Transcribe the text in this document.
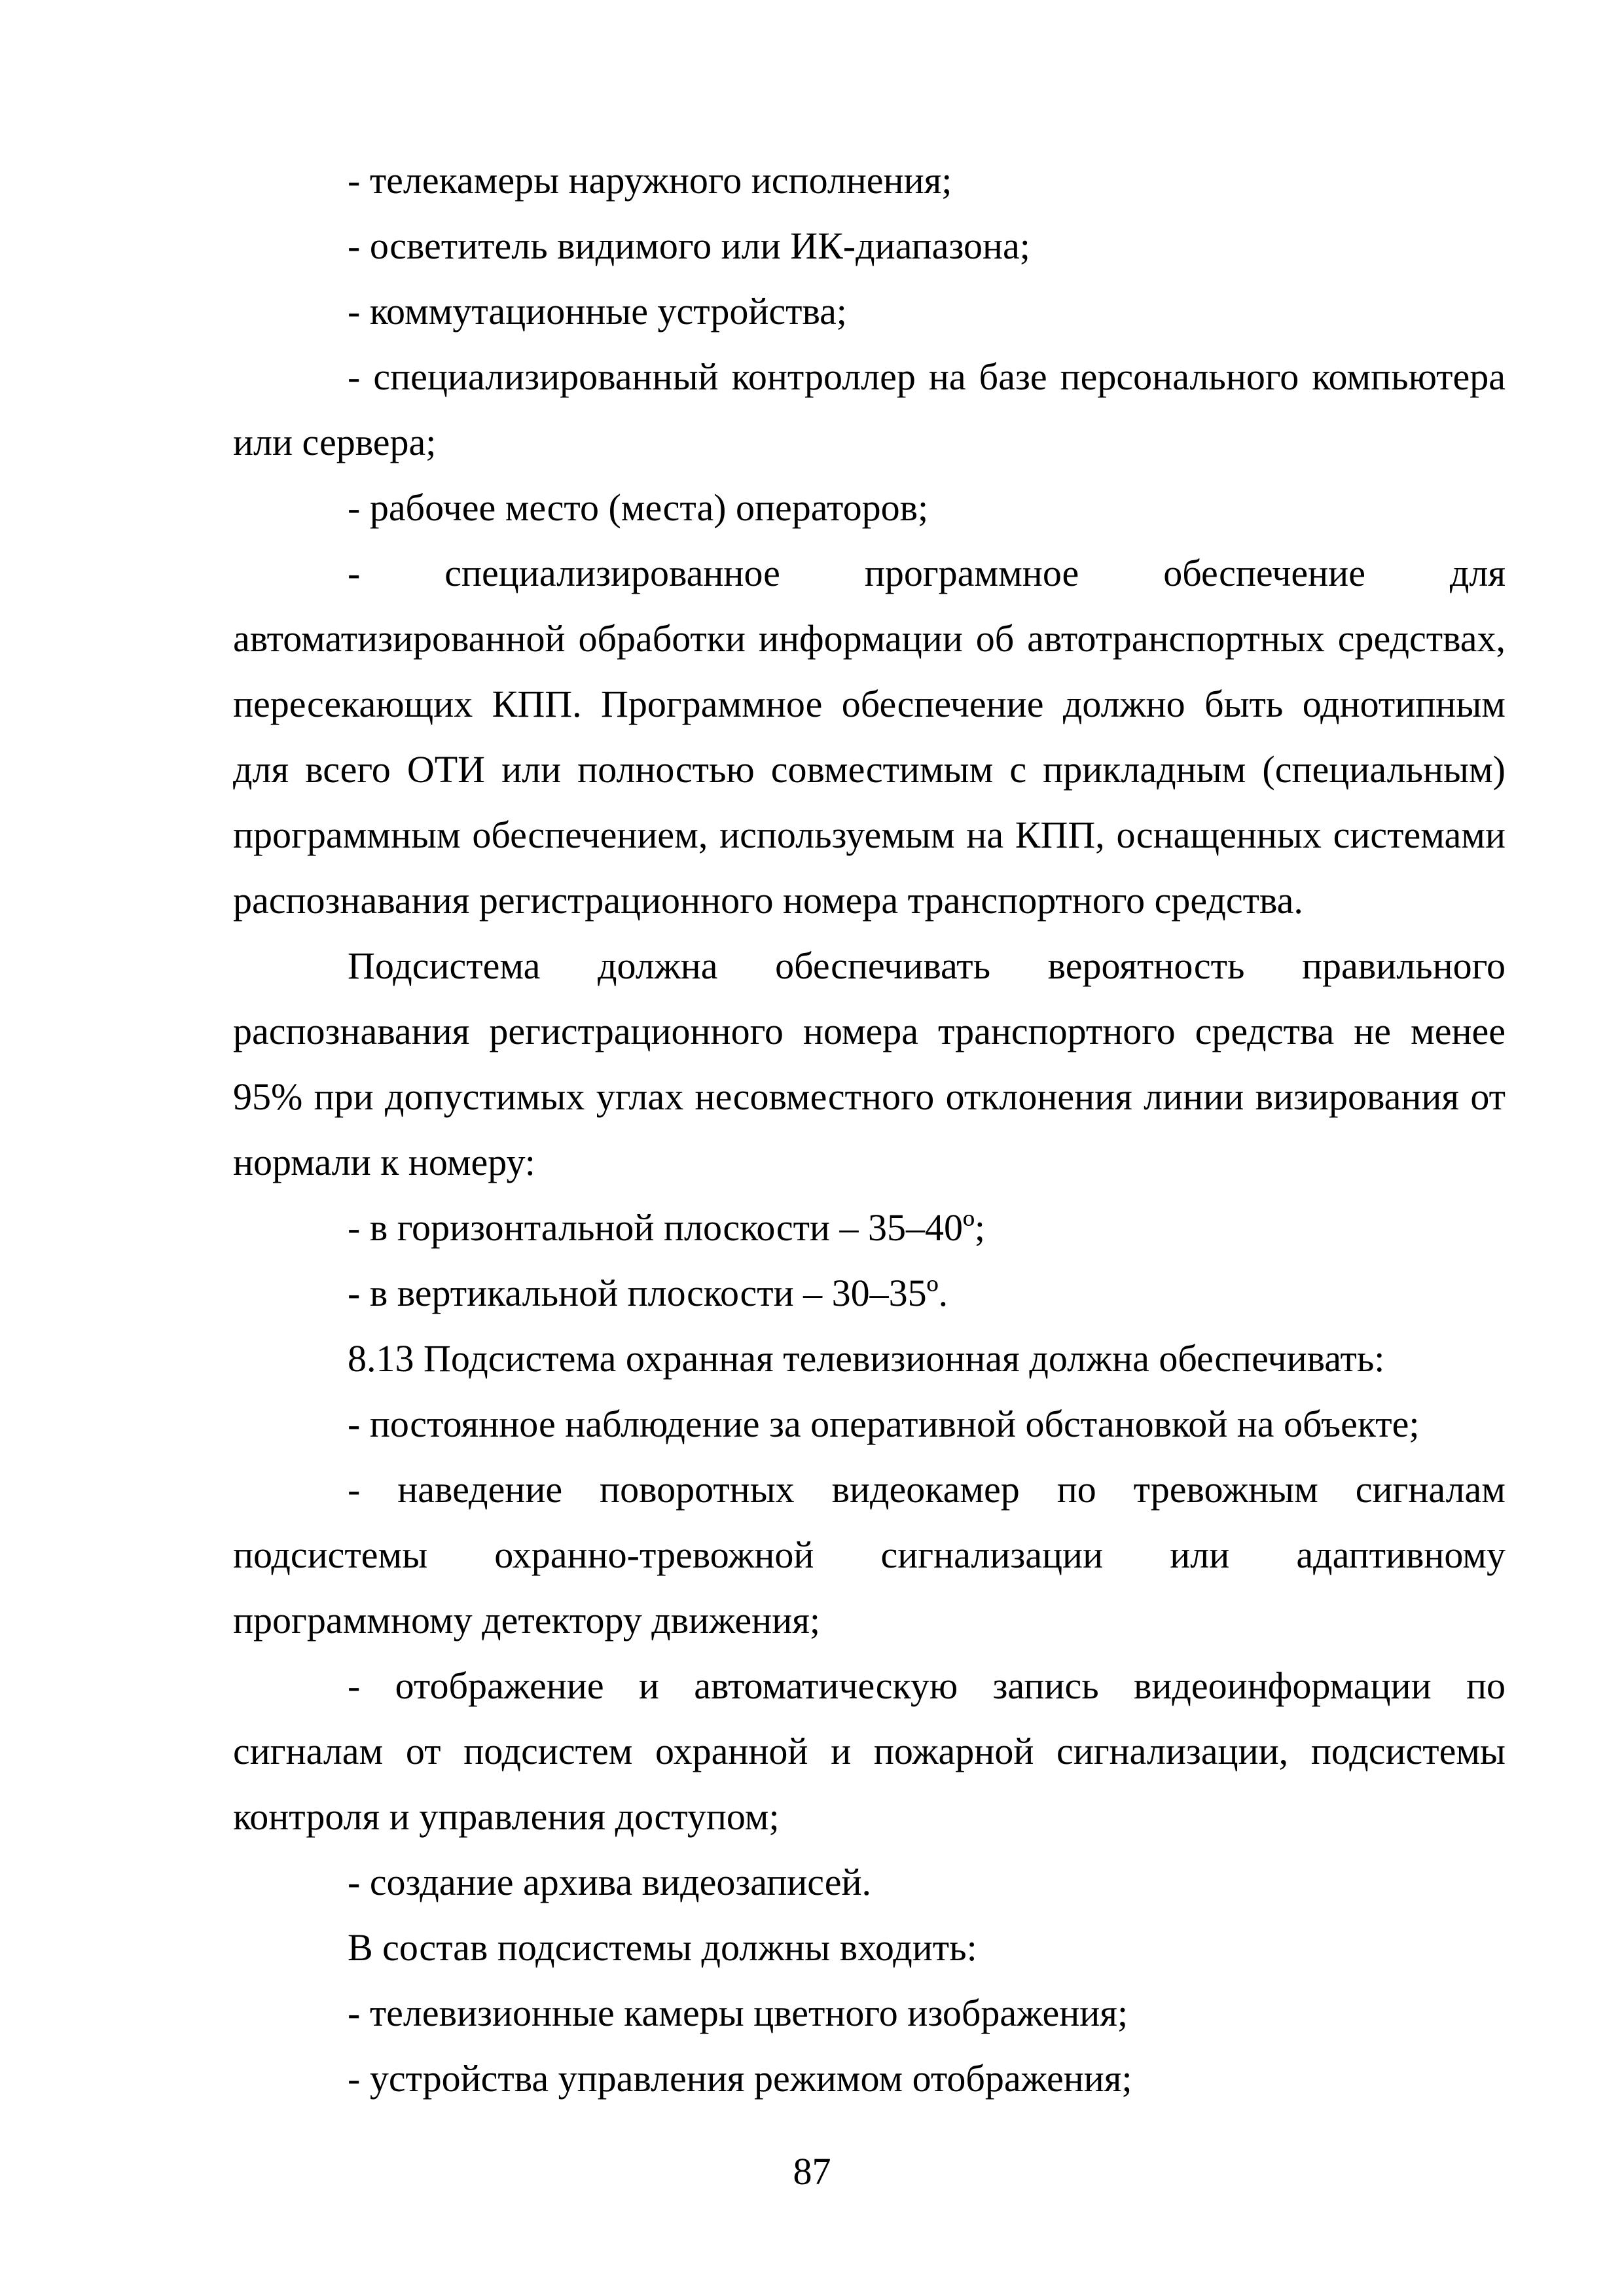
- телекамеры наружного исполнения;

- осветитель видимого или ИК-диапазона;

- коммутационные устройства;

- специализированный контроллер на базе персонального компьютера или сервера;

- рабочее место (места) операторов;

- специализированное программное обеспечение для автоматизированной обработки информации об автотранспортных средствах, пересекающих КПП. Программное обеспечение должно быть однотипным для всего ОТИ или полностью совместимым с прикладным (специальным) программным обеспечением, используемым на КПП, оснащенных системами распознавания регистрационного номера транспортного средства.

Подсистема должна обеспечивать вероятность правильного распознавания регистрационного номера транспортного средства не менее 95% при допустимых углах несовместного отклонения линии визирования от нормали к номеру:

- в горизонтальной плоскости – 35–40º;

- в вертикальной плоскости – 30–35º.

8.13 Подсистема охранная телевизионная должна обеспечивать:

- постоянное наблюдение за оперативной обстановкой на объекте;

- наведение поворотных видеокамер по тревожным сигналам подсистемы охранно-тревожной сигнализации или адаптивному программному детектору движения;

- отображение и автоматическую запись видеоинформации по сигналам от подсистем охранной и пожарной сигнализации, подсистемы контроля и управления доступом;

- создание архива видеозаписей.

В состав подсистемы должны входить:

- телевизионные камеры цветного изображения;

- устройства управления режимом отображения;

87
